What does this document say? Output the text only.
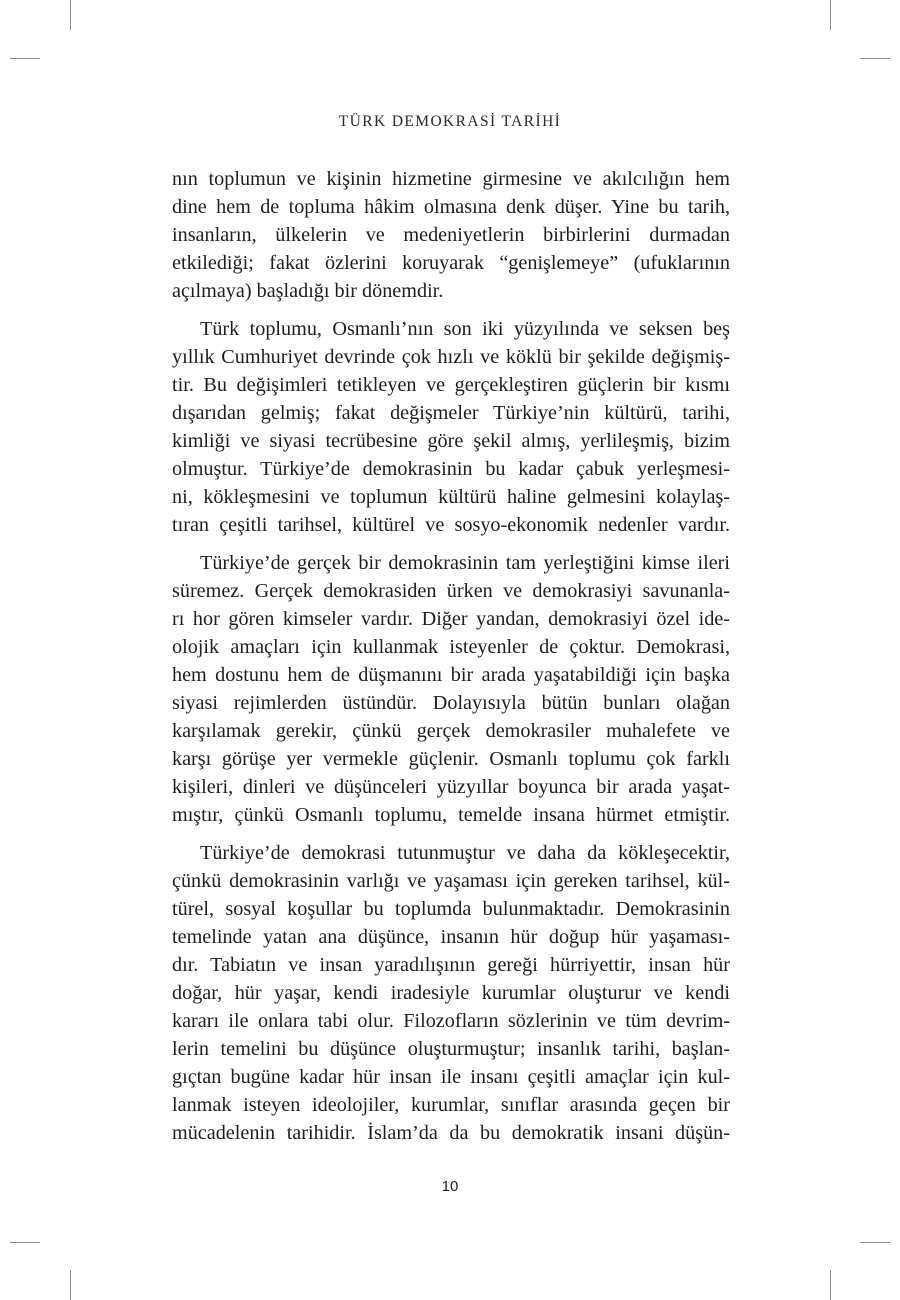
TÜRK DEMOKRASİ TARİHİ
nın toplumun ve kişinin hizmetine girmesine ve akılcılığın hem
dine hem de topluma hâkim olmasına denk düşer. Yine bu tarih,
insanların, ülkelerin ve medeniyetlerin birbirlerini durmadan
etkilediği; fakat özlerini koruyarak “genişlemeye” (ufuklarının
açılmaya) başladığı bir dönemdir.
Türk toplumu, Osmanlı’nın son iki yüzyılında ve seksen beş
yıllık Cumhuriyet devrinde çok hızlı ve köklü bir şekilde değişmiş-
tir. Bu değişimleri tetikleyen ve gerçekleştiren güçlerin bir kısmı
dışarıdan gelmiş; fakat değişmeler Türkiye’nin kültürü, tarihi,
kimliği ve siyasi tecrübesine göre şekil almış, yerlileşmiş, bizim
olmuştur. Türkiye’de demokrasinin bu kadar çabuk yerleşmesi-
ni, kökleşmesini ve toplumun kültürü haline gelmesini kolaylaş-
tıran çeşitli tarihsel, kültürel ve sosyo-ekonomik nedenler vardır.
Türkiye’de gerçek bir demokrasinin tam yerleştiğini kimse ileri
süremez. Gerçek demokrasiden ürken ve demokrasiyi savunanla-
rı hor gören kimseler vardır. Diğer yandan, demokrasiyi özel ide-
olojik amaçları için kullanmak isteyenler de çoktur. Demokrasi,
hem dostunu hem de düşmanını bir arada yaşatabildiği için başka
siyasi rejimlerden üstündür. Dolayısıyla bütün bunları olağan
karşılamak gerekir, çünkü gerçek demokrasiler muhalefete ve
karşı görüşe yer vermekle güçlenir. Osmanlı toplumu çok farklı
kişileri, dinleri ve düşünceleri yüzyıllar boyunca bir arada yaşat-
mıştır, çünkü Osmanlı toplumu, temelde insana hürmet etmiştir.
Türkiye’de demokrasi tutunmuştur ve daha da kökleşecektir,
çünkü demokrasinin varlığı ve yaşaması için gereken tarihsel, kül-
türel, sosyal koşullar bu toplumda bulunmaktadır. Demokrasinin
temelinde yatan ana düşünce, insanın hür doğup hür yaşaması-
dır. Tabiatın ve insan yaradılışının gereği hürriyettir, insan hür
doğar, hür yaşar, kendi iradesiyle kurumlar oluşturur ve kendi
kararı ile onlara tabi olur. Filozofların sözlerinin ve tüm devrim-
lerin temelini bu düşünce oluşturmuştur; insanlık tarihi, başlan-
gıçtan bugüne kadar hür insan ile insanı çeşitli amaçlar için kul-
lanmak isteyen ideolojiler, kurumlar, sınıflar arasında geçen bir
mücadelenin tarihidir. İslam’da da bu demokratik insani düşün-
10
